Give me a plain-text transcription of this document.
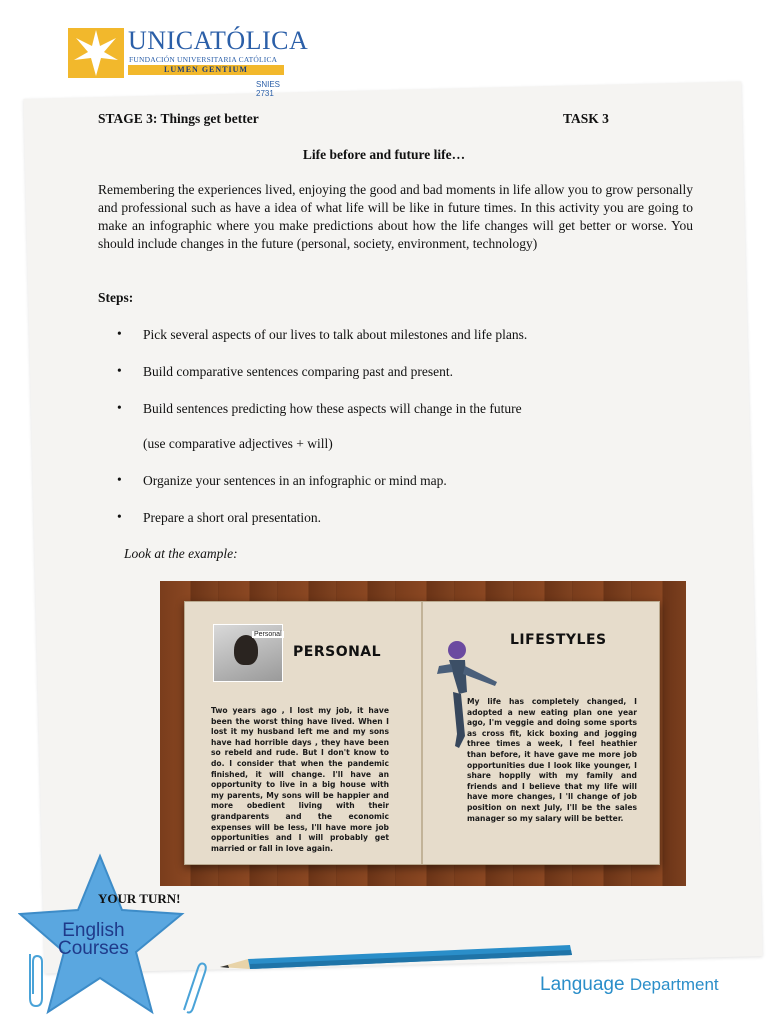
UNICATÓLICA
FUNDACIÓN UNIVERSITARIA CATÓLICA
LUMEN GENTIUM
SNIES 2731
STAGE 3: Things get better	TASK 3
Life before and future life…
Remembering the experiences lived, enjoying the good and bad moments in life allow you to grow personally and professional such as have a idea of what life will be like in future times. In this activity you are going to make an infographic where you make predictions about how the life changes will get better or worse. You should include changes in the future (personal, society, environment, technology)
Steps:
• Pick several aspects of our lives to talk about milestones and life plans.
• Build comparative sentences comparing past and present.
• Build sentences predicting how these aspects will change in the future
(use comparative adjectives + will)
• Organize your sentences in an infographic or mind map.
• Prepare a short oral presentation.
Look at the example:
Personal
PERSONAL
Two years ago , I lost my job, it have been the worst thing have lived. When I lost it my husband left me and my sons have had horrible days , they have been so rebeld and rude. But I don't know to do. I consider that when the pandemic finished, it will change. I'll have an opportunity to live in a big house with my parents, My sons will be happier and more obedient living with their grandparents and the economic expenses will be less, I'll have more job opportunities and I will probably get married or fall in love again.
LIFESTYLES
My life has completely changed, I adopted a new eating plan one year ago, I'm veggie and doing some sports as cross fit, kick boxing and jogging three times a week, I feel heathier than before, it have gave me more job opportunities due I look like younger, I share hopplly with my family and friends and I believe that my life will have more changes, I 'll change of job position on next July, I'll be the sales manager so my salary will be better.
English
Courses
YOUR TURN!
Language Department
